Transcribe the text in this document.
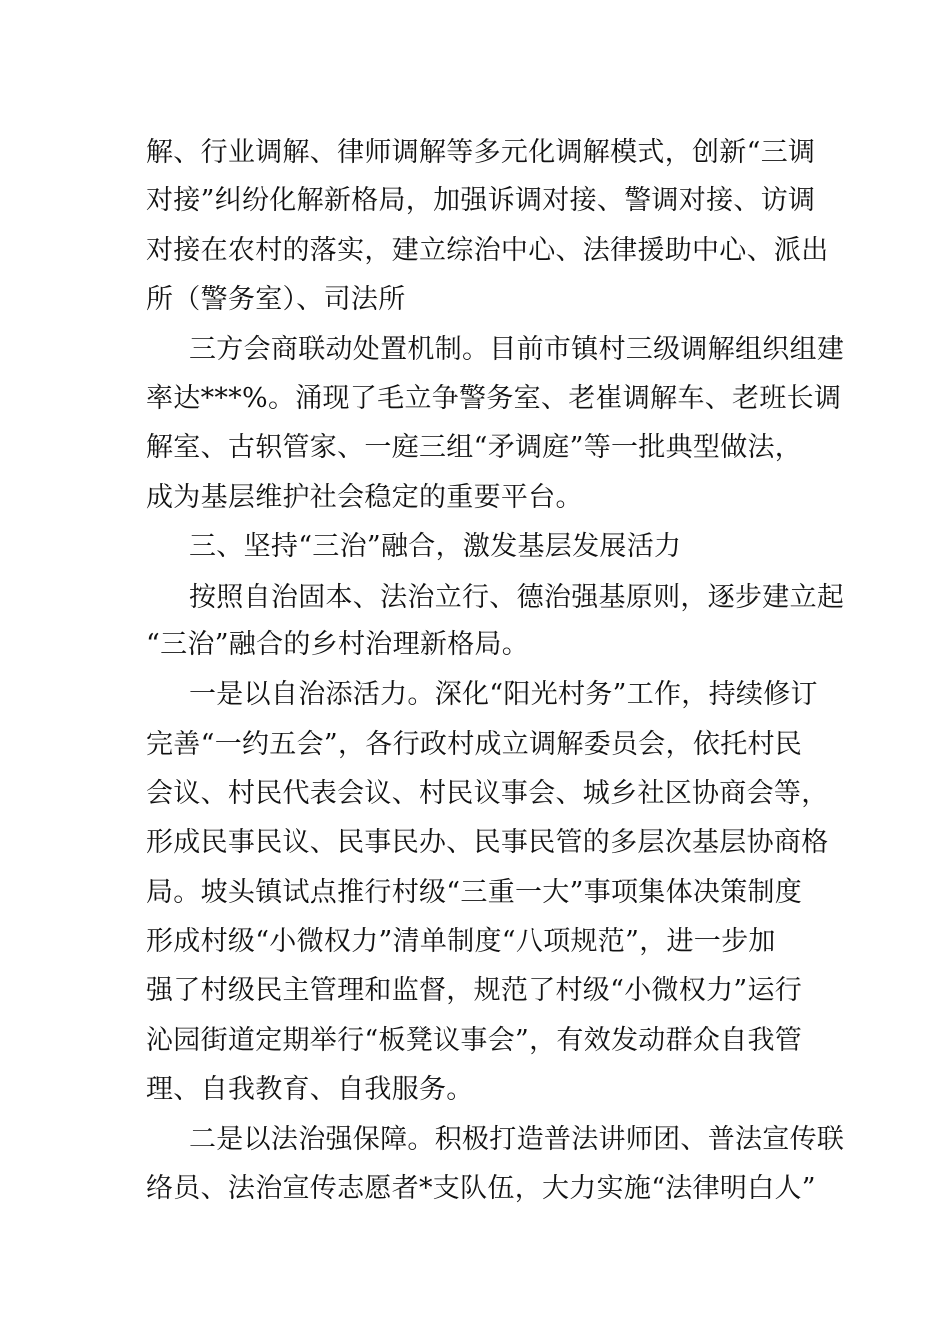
解、行业调解、律师调解等多元化调解模式，创新“三调
对接”纠纷化解新格局，加强诉调对接、警调对接、访调
对接在农村的落实，建立综治中心、法律援助中心、派出
所（警务室）、司法所
三方会商联动处置机制。目前市镇村三级调解组织组建
率达***%。涌现了毛立争警务室、老崔调解车、老班长调
解室、古轵管家、一庭三组“矛调庭”等一批典型做法，
成为基层维护社会稳定的重要平台。
三、坚持“三治”融合，激发基层发展活力
按照自治固本、法治立行、德治强基原则，逐步建立起
“三治”融合的乡村治理新格局。
一是以自治添活力。深化“阳光村务”工作，持续修订
完善“一约五会”，各行政村成立调解委员会，依托村民
会议、村民代表会议、村民议事会、城乡社区协商会等，
形成民事民议、民事民办、民事民管的多层次基层协商格
局。坡头镇试点推行村级“三重一大”事项集体决策制度
形成村级“小微权力”清单制度“八项规范”，进一步加
强了村级民主管理和监督，规范了村级“小微权力”运行
沁园街道定期举行“板凳议事会”，有效发动群众自我管
理、自我教育、自我服务。
二是以法治强保障。积极打造普法讲师团、普法宣传联
络员、法治宣传志愿者*支队伍，大力实施“法律明白人”
